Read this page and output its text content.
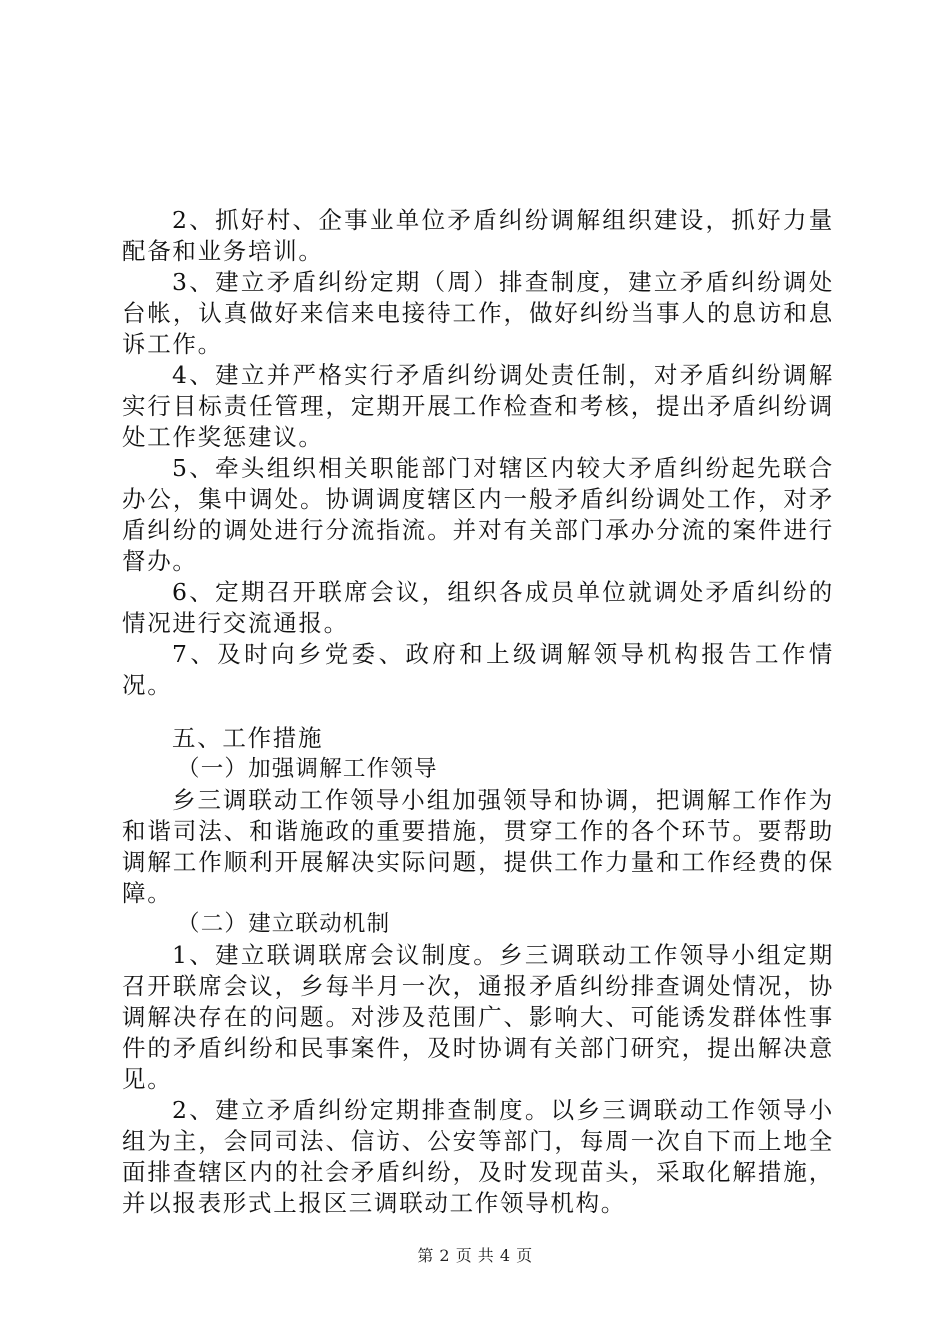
2、抓好村、企事业单位矛盾纠纷调解组织建设，抓好力量配备和业务培训。

3、建立矛盾纠纷定期（周）排查制度，建立矛盾纠纷调处台帐，认真做好来信来电接待工作，做好纠纷当事人的息访和息诉工作。

4、建立并严格实行矛盾纠纷调处责任制，对矛盾纠纷调解实行目标责任管理，定期开展工作检查和考核，提出矛盾纠纷调处工作奖惩建议。

5、牵头组织相关职能部门对辖区内较大矛盾纠纷起先联合办公，集中调处。协调调度辖区内一般矛盾纠纷调处工作，对矛盾纠纷的调处进行分流指流。并对有关部门承办分流的案件进行督办。

6、定期召开联席会议，组织各成员单位就调处矛盾纠纷的情况进行交流通报。

7、及时向乡党委、政府和上级调解领导机构报告工作情况。

五、工作措施

（一）加强调解工作领导

乡三调联动工作领导小组加强领导和协调，把调解工作作为和谐司法、和谐施政的重要措施，贯穿工作的各个环节。要帮助调解工作顺利开展解决实际问题，提供工作力量和工作经费的保障。

（二）建立联动机制

1、建立联调联席会议制度。乡三调联动工作领导小组定期召开联席会议，乡每半月一次，通报矛盾纠纷排查调处情况，协调解决存在的问题。对涉及范围广、影响大、可能诱发群体性事件的矛盾纠纷和民事案件，及时协调有关部门研究，提出解决意见。

2、建立矛盾纠纷定期排查制度。以乡三调联动工作领导小组为主，会同司法、信访、公安等部门，每周一次自下而上地全面排查辖区内的社会矛盾纠纷，及时发现苗头，采取化解措施，并以报表形式上报区三调联动工作领导机构。

第 2 页 共 4 页
